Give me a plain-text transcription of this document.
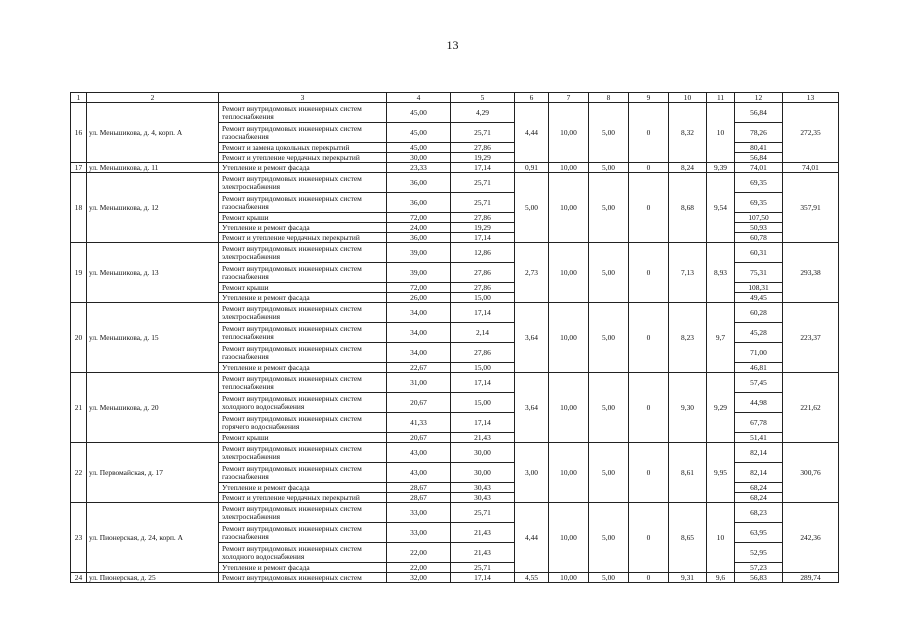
13
1	2	3	4	5	6	7	8	9	10	11	12	13
16	ул. Меньшикова, д. 4, корп. А	Ремонт внутридомовых инженерных систем теплоснабжения	45,00	4,29	4,44	10,00	5,00	0	8,32	10	56,84	272,35
		Ремонт внутридомовых инженерных систем газоснабжения	45,00	25,71							78,26	
		Ремонт и замена цокольных перекрытий	45,00	27,86							80,41	
		Ремонт и утепление чердачных перекрытий	30,00	19,29							56,84	
17	ул. Меньшикова, д. 11	Утепление и ремонт фасада	23,33	17,14	0,91	10,00	5,00	0	8,24	9,39	74,01	74,01
18	ул. Меньшикова, д. 12	Ремонт внутридомовых инженерных систем электроснабжения	36,00	25,71	5,00	10,00	5,00	0	8,68	9,54	69,35	357,91
		Ремонт внутридомовых инженерных систем газоснабжения	36,00	25,71							69,35	
		Ремонт крыши	72,00	27,86							107,50	
		Утепление и ремонт фасада	24,00	19,29							50,93	
		Ремонт и утепление чердачных перекрытий	36,00	17,14							60,78	
19	ул. Меньшикова, д. 13	Ремонт внутридомовых инженерных систем электроснабжения	39,00	12,86	2,73	10,00	5,00	0	7,13	8,93	60,31	293,38
		Ремонт внутридомовых инженерных систем газоснабжения	39,00	27,86							75,31	
		Ремонт крыши	72,00	27,86							108,31	
		Утепление и ремонт фасада	26,00	15,00							49,45	
20	ул. Меньшикова, д. 15	Ремонт внутридомовых инженерных систем электроснабжения	34,00	17,14	3,64	10,00	5,00	0	8,23	9,7	60,28	223,37
		Ремонт внутридомовых инженерных систем теплоснабжения	34,00	2,14							45,28	
		Ремонт внутридомовых инженерных систем газоснабжения	34,00	27,86							71,00	
		Утепление и ремонт фасада	22,67	15,00							46,81	
21	ул. Меньшикова, д. 20	Ремонт внутридомовых инженерных систем теплоснабжения	31,00	17,14	3,64	10,00	5,00	0	9,30	9,29	57,45	221,62
		Ремонт внутридомовых инженерных систем холодного водоснабжения	20,67	15,00							44,98	
		Ремонт внутридомовых инженерных систем горячего водоснабжения	41,33	17,14							67,78	
		Ремонт крыши	20,67	21,43							51,41	
22	ул. Первомайская, д. 17	Ремонт внутридомовых инженерных систем электроснабжения	43,00	30,00	3,00	10,00	5,00	0	8,61	9,95	82,14	300,76
		Ремонт внутридомовых инженерных систем газоснабжения	43,00	30,00							82,14	
		Утепление и ремонт фасада	28,67	30,43							68,24	
		Ремонт и утепление чердачных перекрытий	28,67	30,43							68,24	
23	ул. Пионерская, д. 24, корп. А	Ремонт внутридомовых инженерных систем электроснабжения	33,00	25,71	4,44	10,00	5,00	0	8,65	10	68,23	242,36
		Ремонт внутридомовых инженерных систем газоснабжения	33,00	21,43							63,95	
		Ремонт внутридомовых инженерных систем холодного водоснабжения	22,00	21,43							52,95	
		Утепление и ремонт фасада	22,00	25,71							57,23	
24	ул. Пионерская, д. 25	Ремонт внутридомовых инженерных систем	32,00	17,14	4,55	10,00	5,00	0	9,31	9,6	56,83	289,74
